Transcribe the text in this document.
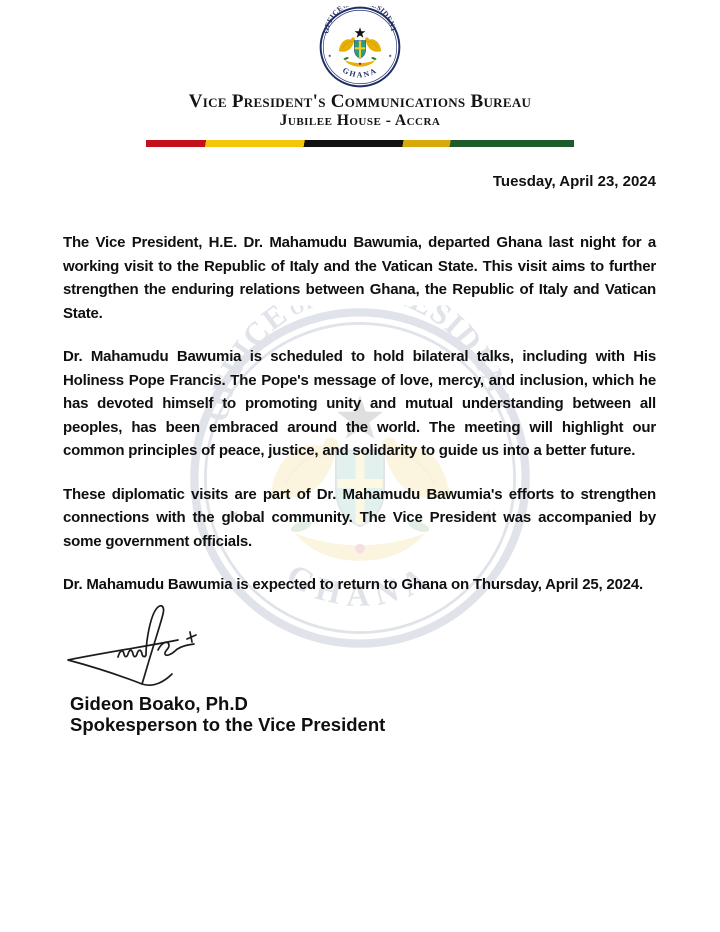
Vice President's Communications Bureau
Jubilee House - Accra
Tuesday, April 23, 2024

The Vice President, H.E. Dr. Mahamudu Bawumia, departed Ghana last night for a working visit to the Republic of Italy and the Vatican State. This visit aims to further strengthen the enduring relations between Ghana, the Republic of Italy and Vatican State.

Dr. Mahamudu Bawumia is scheduled to hold bilateral talks, including with His Holiness Pope Francis. The Pope's message of love, mercy, and inclusion, which he has devoted himself to promoting unity and mutual understanding between all peoples, has been embraced around the world. The meeting will highlight our common principles of peace, justice, and solidarity to guide us into a better future.

These diplomatic visits are part of Dr. Mahamudu Bawumia's efforts to strengthen connections with the global community. The Vice President was accompanied by some government officials.

Dr. Mahamudu Bawumia is expected to return to Ghana on Thursday, April 25, 2024.

Gideon Boako, Ph.D
Spokesperson to the Vice President
